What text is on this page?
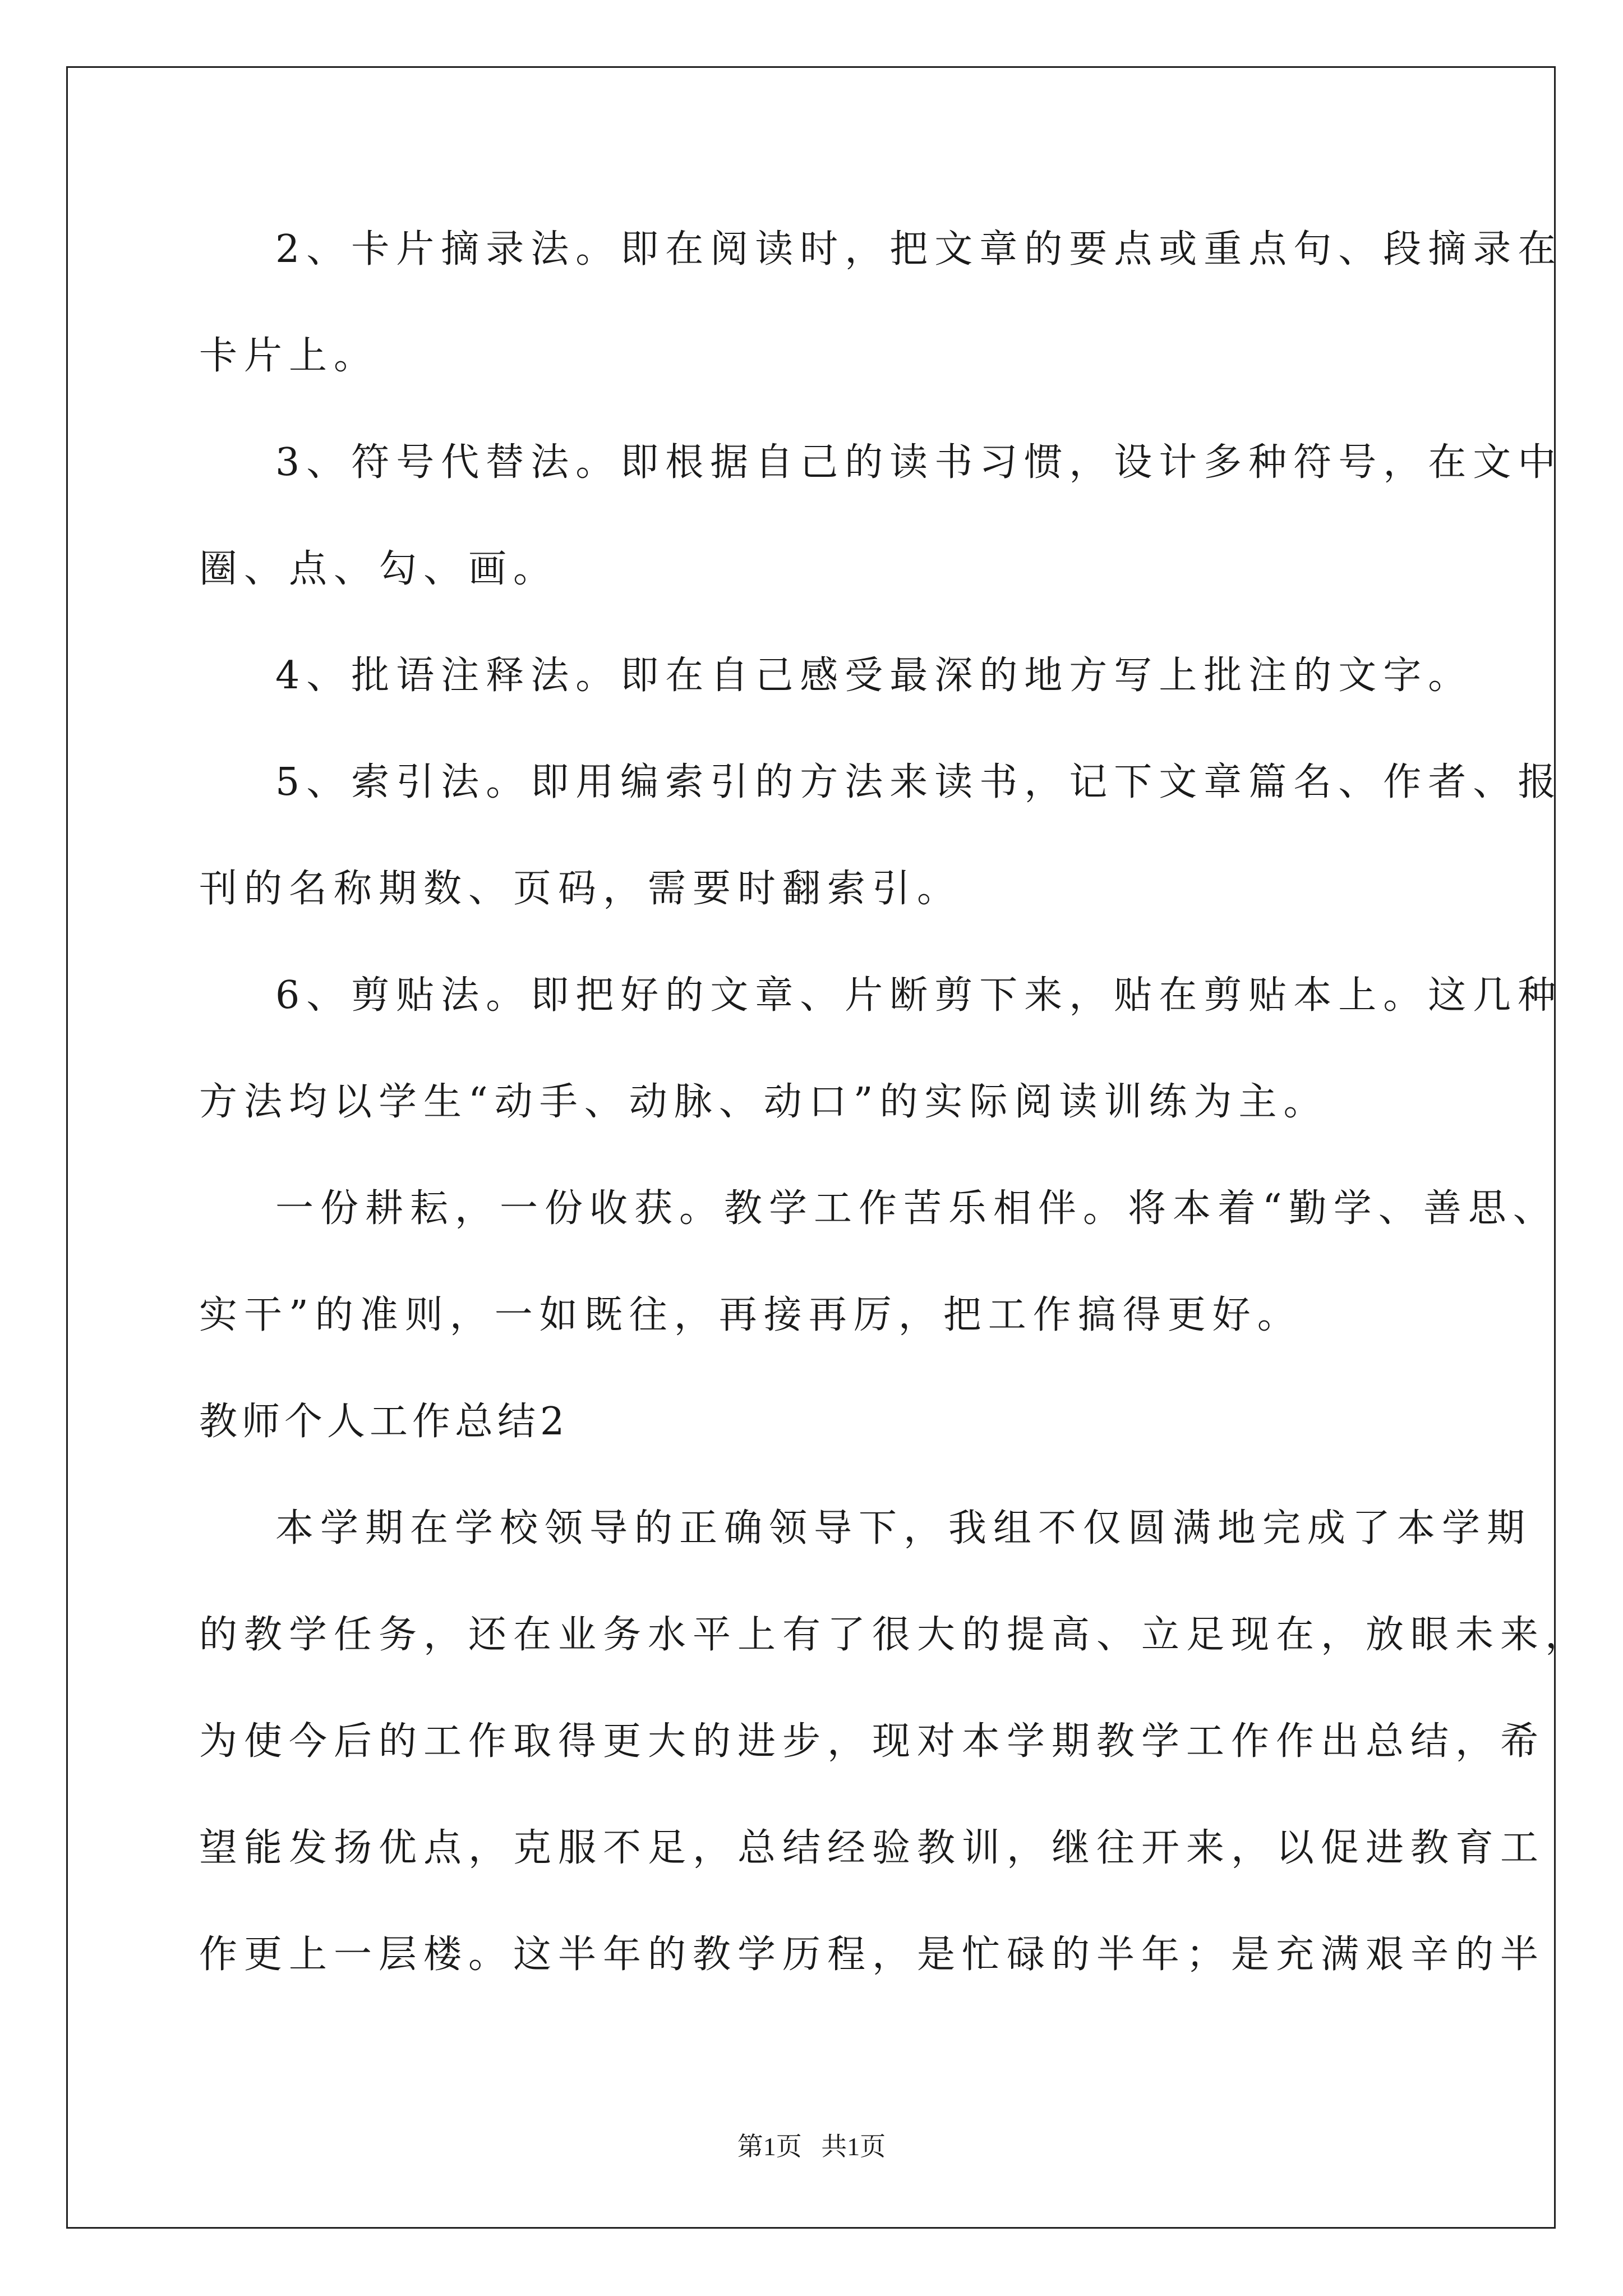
2、卡片摘录法。即在阅读时，把文章的要点或重点句、段摘录在
卡片上。
3、符号代替法。即根据自己的读书习惯，设计多种符号，在文中
圈、点、勾、画。
4、批语注释法。即在自己感受最深的地方写上批注的文字。
5、索引法。即用编索引的方法来读书，记下文章篇名、作者、报
刊的名称期数、页码，需要时翻索引。
6、剪贴法。即把好的文章、片断剪下来，贴在剪贴本上。这几种
方法均以学生“动手、动脉、动口”的实际阅读训练为主。
一份耕耘，一份收获。教学工作苦乐相伴。将本着“勤学、善思、
实干”的准则，一如既往，再接再厉，把工作搞得更好。
教师个人工作总结2
本学期在学校领导的正确领导下，我组不仅圆满地完成了本学期
的教学任务，还在业务水平上有了很大的提高、立足现在，放眼未来，
为使今后的工作取得更大的进步，现对本学期教学工作作出总结，希
望能发扬优点，克服不足，总结经验教训，继往开来，以促进教育工
作更上一层楼。这半年的教学历程，是忙碌的半年；是充满艰辛的半
第1页   共1页
